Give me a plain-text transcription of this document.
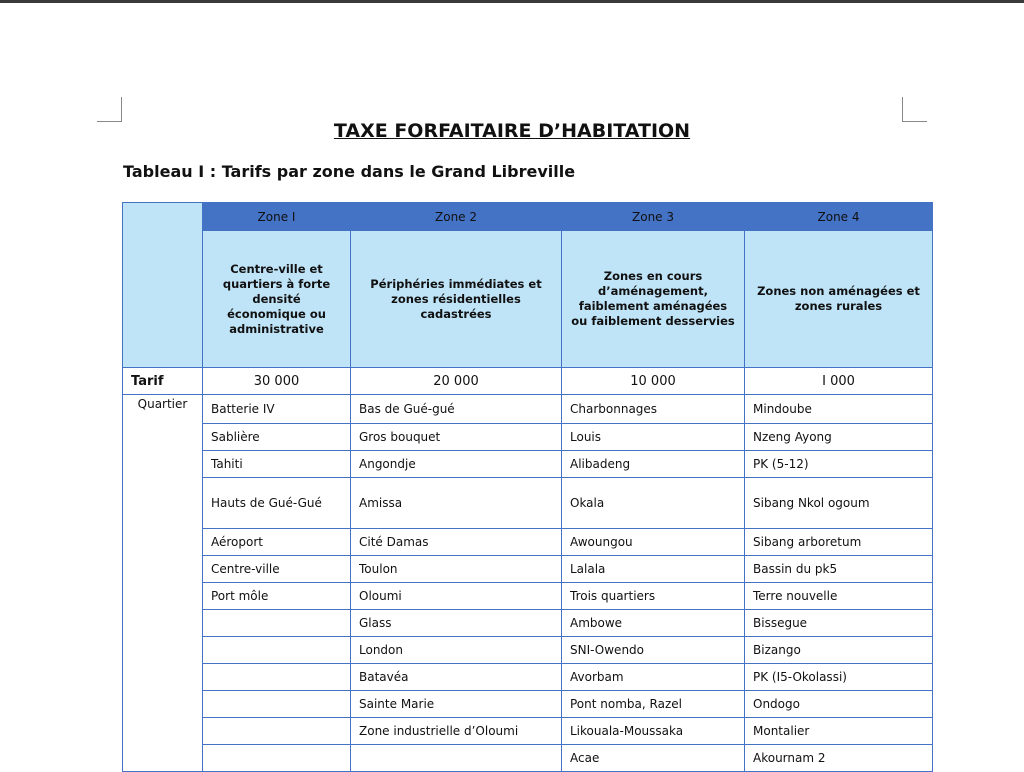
TAXE FORFAITAIRE D’HABITATION
Tableau I : Tarifs par zone dans le Grand Libreville
	Zone I	Zone 2	Zone 3	Zone 4
	Centre-ville et quartiers à forte densité économique ou administrative	Périphéries immédiates et zones résidentielles cadastrées	Zones en cours d’aménagement, faiblement aménagées ou faiblement desservies	Zones non aménagées et zones rurales
Tarif	30 000	20 000	10 000	I 000
Quartier	Batterie IV	Bas de Gué-gué	Charbonnages	Mindoube
	Sablière	Gros bouquet	Louis	Nzeng Ayong
	Tahiti	Angondje	Alibadeng	PK (5-12)
	Hauts de Gué-Gué	Amissa	Okala	Sibang Nkol ogoum
	Aéroport	Cité Damas	Awoungou	Sibang arboretum
	Centre-ville	Toulon	Lalala	Bassin du pk5
	Port môle	Oloumi	Trois quartiers	Terre nouvelle
		Glass	Ambowe	Bissegue
		London	SNI-Owendo	Bizango
		Batavéa	Avorbam	PK (I5-Okolassi)
		Sainte Marie	Pont nomba, Razel	Ondogo
		Zone industrielle d’Oloumi	Likouala-Moussaka	Montalier
			Acae	Akournam 2
